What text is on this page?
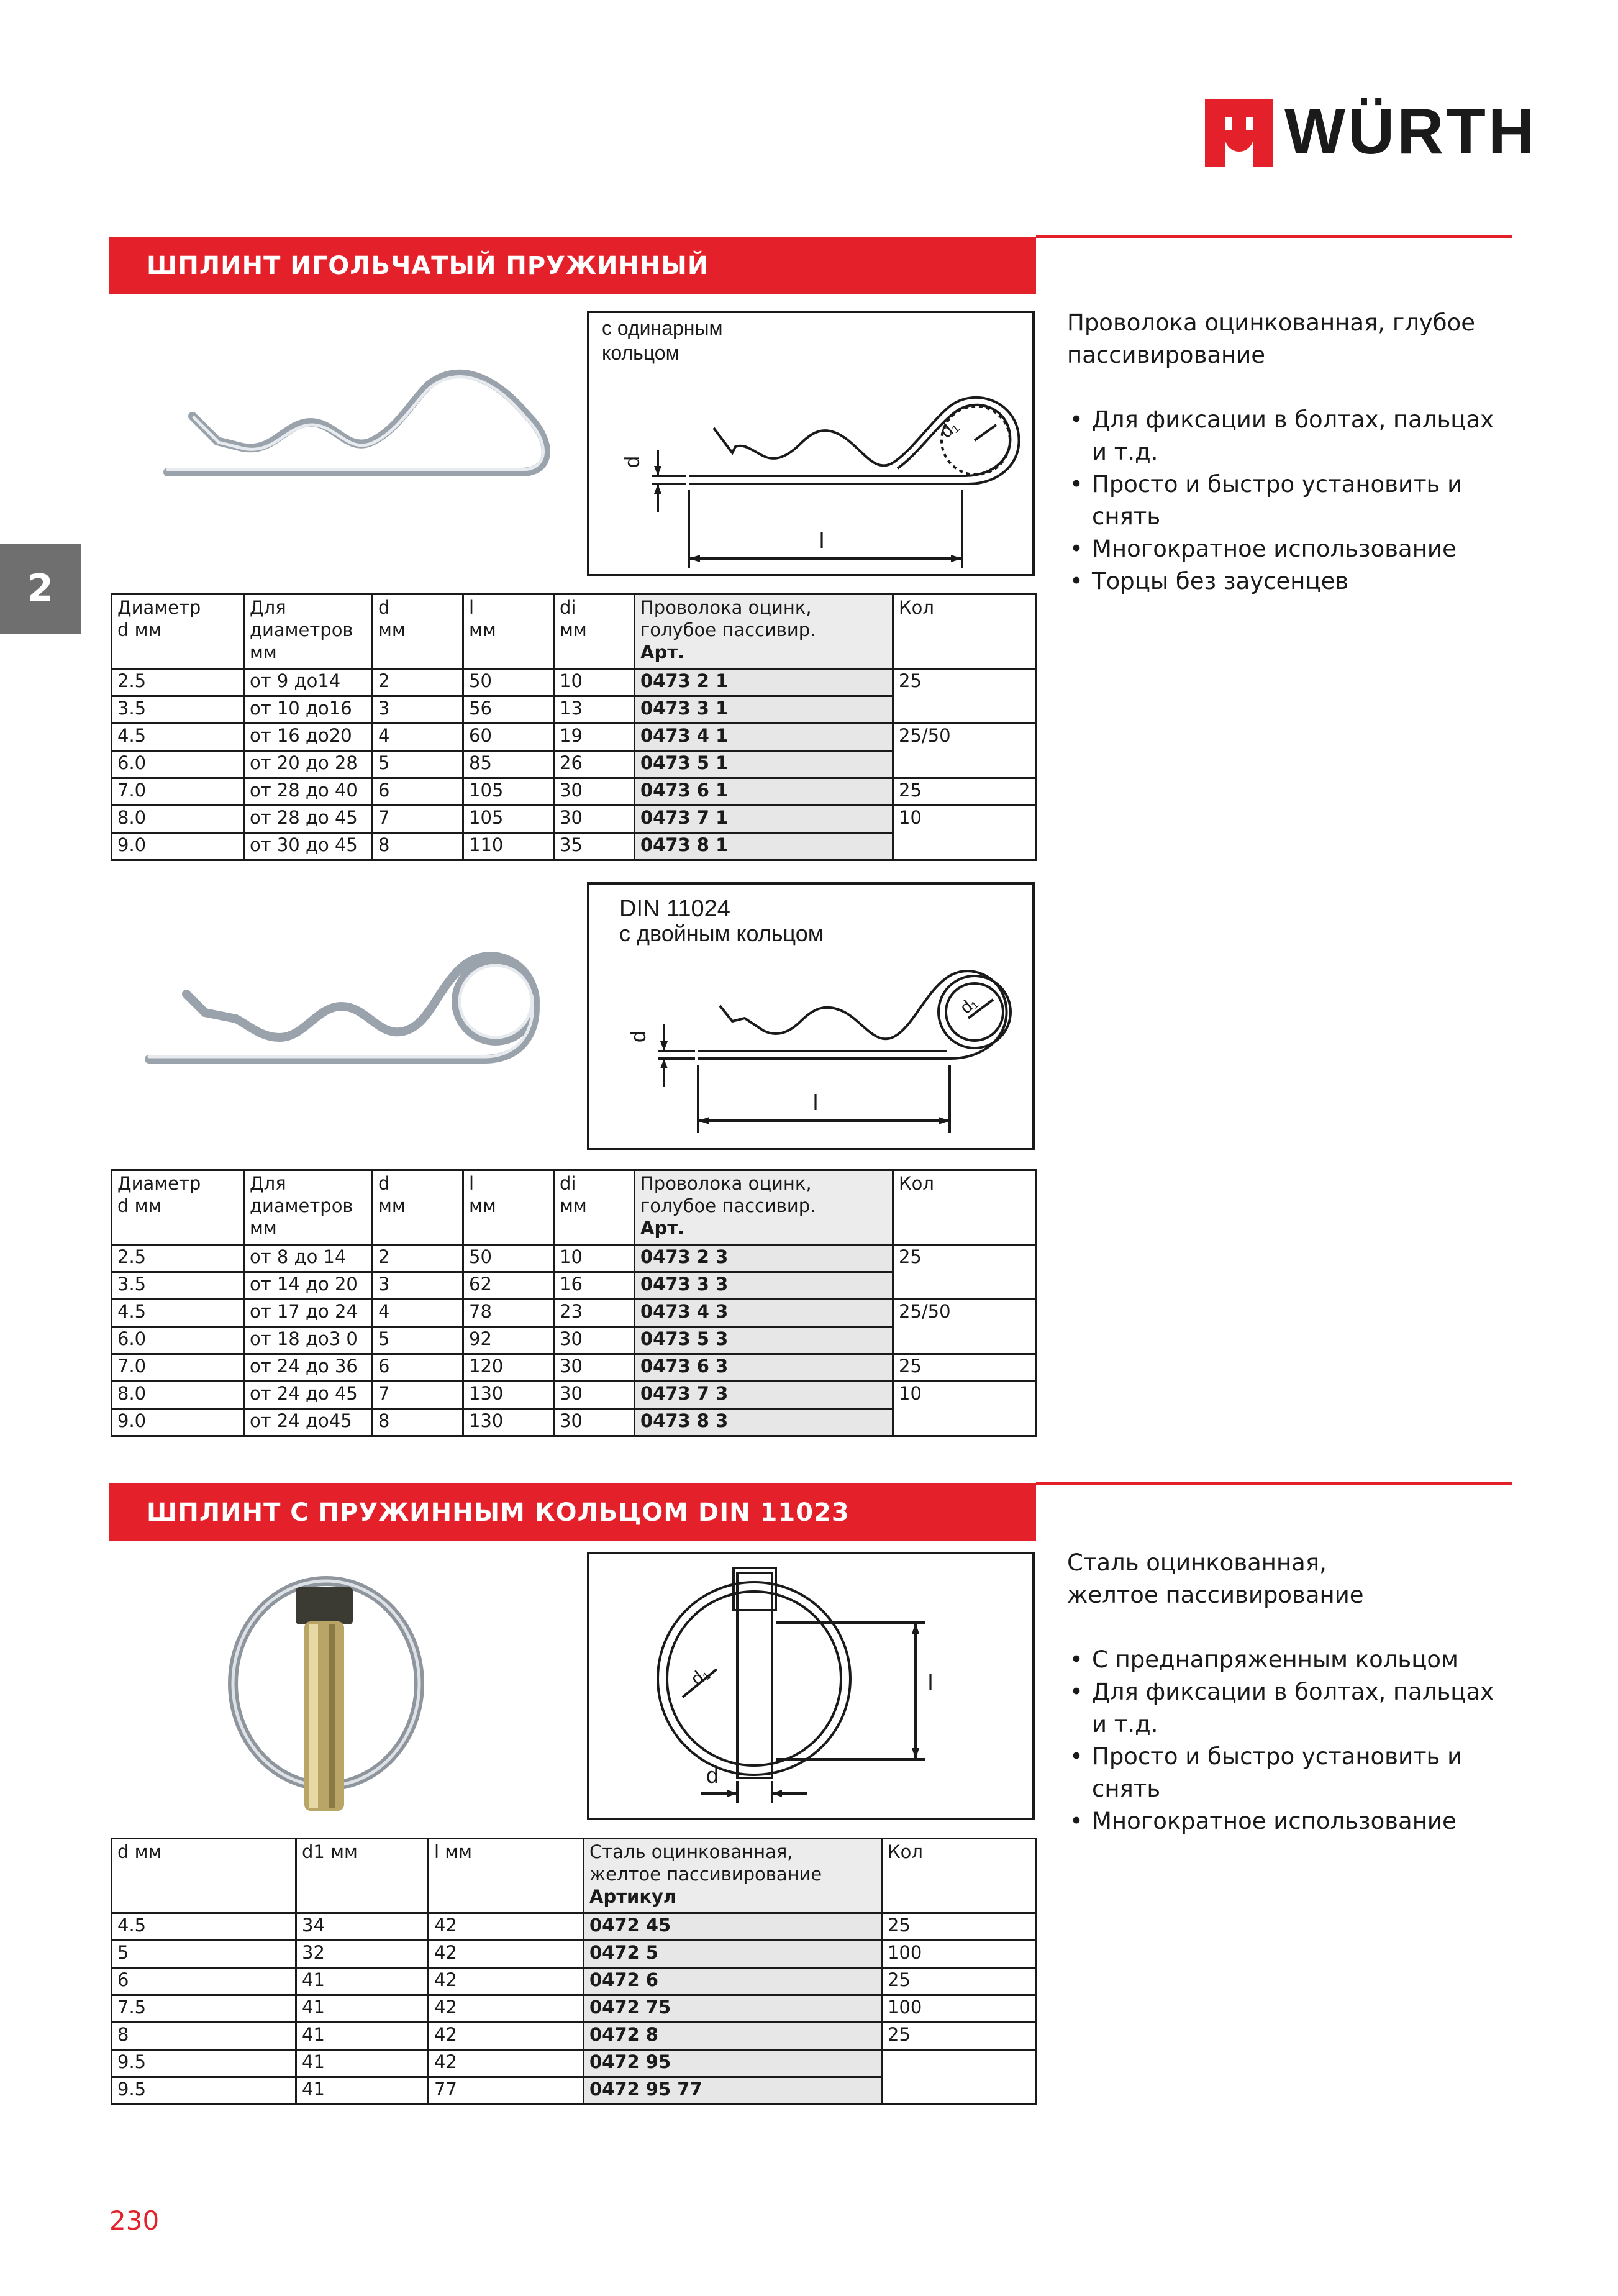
WÜRTH
2
ШПЛИНТ ИГОЛЬЧАТЫЙ ПРУЖИННЫЙ
с одинарным
кольцом
d
l
d₁
Проволока оцинкованная, глубое
пассивирование
• Для фиксации в болтах, пальцах
и т.д.
• Просто и быстро установить и снять
• Многократное использование
• Торцы без заусенцев
Диаметр
d мм	Для
диаметров
мм	d
мм	l
мм	di
мм	Проволока оцинк,
голубое пассивир.
Арт.	Кол
2.5	от 9 до14	2	50	10	0473 2 1	25
3.5	от 10 до16	3	56	13	0473 3 1	
4.5	от 16 до20	4	60	19	0473 4 1	25/50
6.0	от 20 до 28	5	85	26	0473 5 1	
7.0	от 28 до 40	6	105	30	0473 6 1	25
8.0	от 28 до 45	7	105	30	0473 7 1	10
9.0	от 30 до 45	8	110	35	0473 8 1	
DIN 11024
с двойным кольцом
d
l
d₁
Диаметр
d мм	Для
диаметров
мм	d
мм	l
мм	di
мм	Проволока оцинк,
голубое пассивир.
Арт.	Кол
2.5	от 8 до 14	2	50	10	0473 2 3	25
3.5	от 14 до 20	3	62	16	0473 3 3	
4.5	от 17 до 24	4	78	23	0473 4 3	25/50
6.0	от 18 до3 0	5	92	30	0473 5 3	
7.0	от 24 до 36	6	120	30	0473 6 3	25
8.0	от 24 до 45	7	130	30	0473 7 3	10
9.0	от 24 до45	8	130	30	0473 8 3	
ШПЛИНТ С ПРУЖИННЫМ КОЛЬЦОМ DIN 11023
l
d
d₁
Сталь оцинкованная,
желтое пассивирование
• С преднапряженным кольцом
• Для фиксации в болтах, пальцах
и т.д.
• Просто и быстро установить и снять
• Многократное использование
d мм	d1 мм	l мм	Сталь оцинкованная,
желтое пассивирование
Артикул	Кол
4.5	34	42	0472 45	25
5	32	42	0472 5	100
6	41	42	0472 6	25
7.5	41	42	0472 75	100
8	41	42	0472 8	25
9.5	41	42	0472 95	
9.5	41	77	0472 95 77	
230
